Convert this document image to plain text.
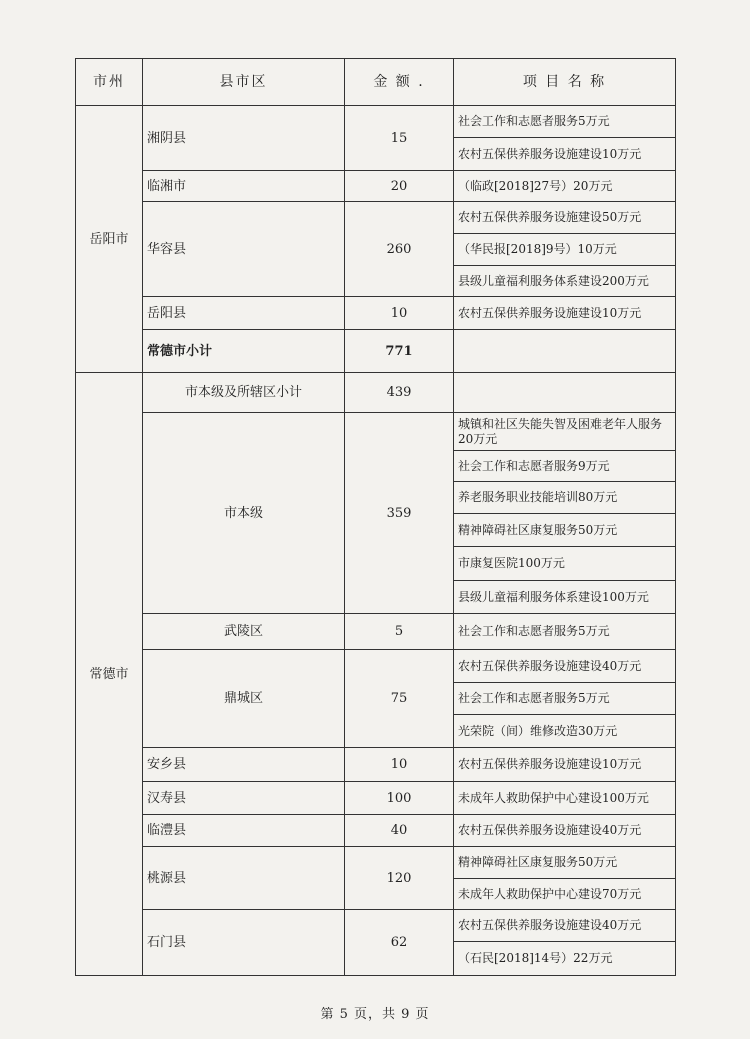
市州	县市区	金 额 .	项 目 名 称
岳阳市	湘阴县	15	社会工作和志愿者服务5万元
			农村五保供养服务设施建设10万元
	临湘市	20	（临政[2018]27号）20万元
	华容县	260	农村五保供养服务设施建设50万元
			（华民报[2018]9号）10万元
			县级儿童福利服务体系建设200万元
	岳阳县	10	农村五保供养服务设施建设10万元
	常德市小计	771	
常德市	市本级及所辖区小计	439	
	市本级	359	城镇和社区失能失智及困难老年人服务20万元
			社会工作和志愿者服务9万元
			养老服务职业技能培训80万元
			精神障碍社区康复服务50万元
			市康复医院100万元
			县级儿童福利服务体系建设100万元
	武陵区	5	社会工作和志愿者服务5万元
	鼎城区	75	农村五保供养服务设施建设40万元
			社会工作和志愿者服务5万元
			光荣院（间）维修改造30万元
	安乡县	10	农村五保供养服务设施建设10万元
	汉寿县	100	未成年人救助保护中心建设100万元
	临澧县	40	农村五保供养服务设施建设40万元
	桃源县	120	精神障碍社区康复服务50万元
			未成年人救助保护中心建设70万元
	石门县	62	农村五保供养服务设施建设40万元
			（石民[2018]14号）22万元
第 5 页，共 9 页
